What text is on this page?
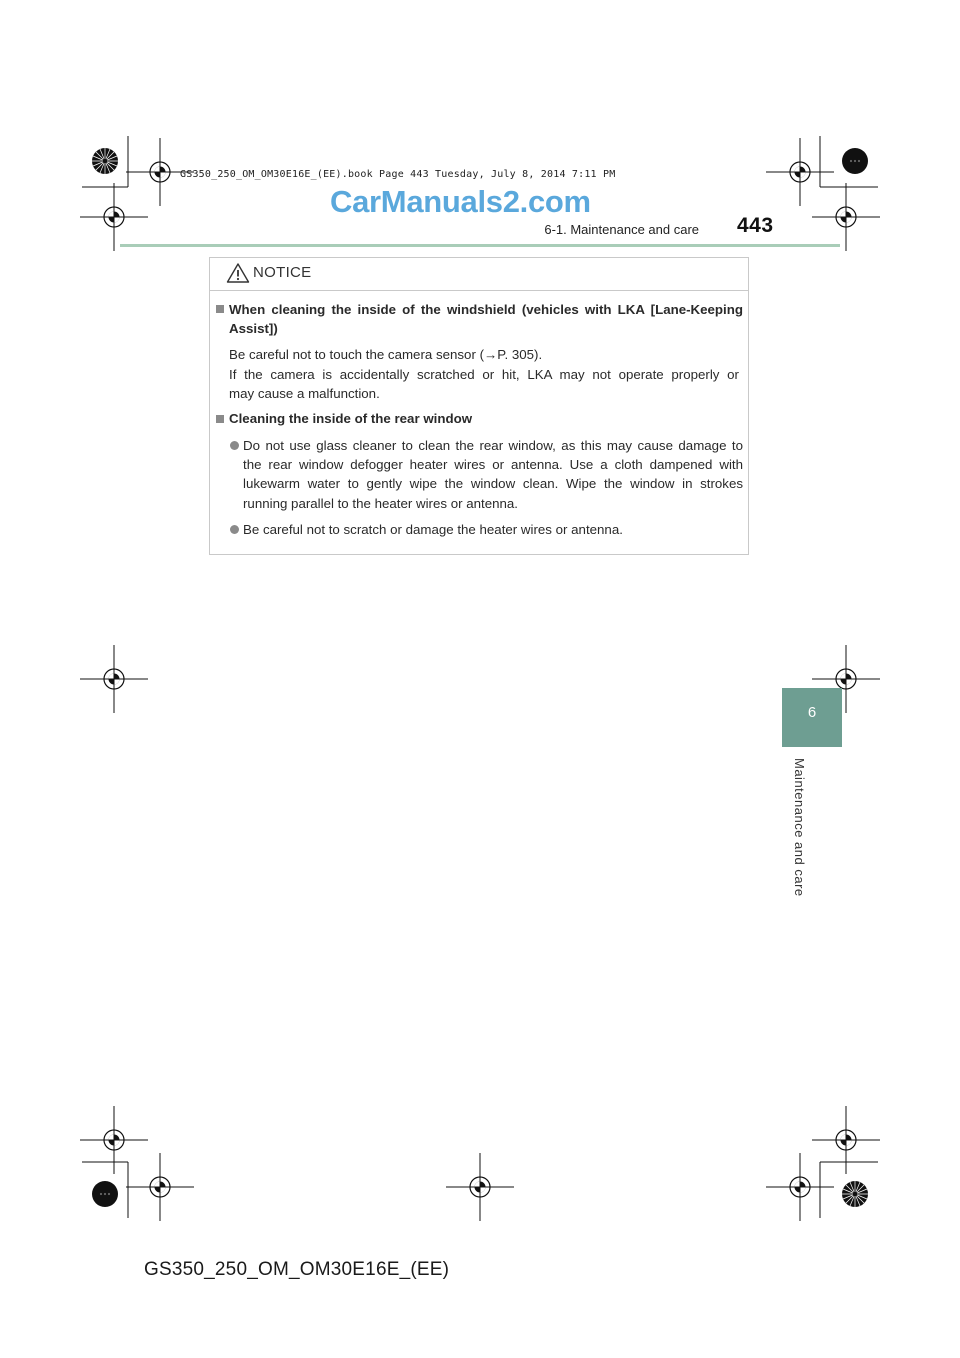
GS350_250_OM_OM30E16E_(EE).book Page 443 Tuesday, July 8, 2014 7:11 PM
CarManuals2.com
6-1. Maintenance and care 443
NOTICE
When cleaning the inside of the windshield (vehicles with LKA [Lane-Keeping
Assist])
Be careful not to touch the camera sensor (→P. 305).
If the camera is accidentally scratched or hit, LKA may not operate properly or
may cause a malfunction.
Cleaning the inside of the rear window
Do not use glass cleaner to clean the rear window, as this may cause damage to
the rear window defogger heater wires or antenna. Use a cloth dampened with
lukewarm water to gently wipe the window clean. Wipe the window in strokes
running parallel to the heater wires or antenna.
Be careful not to scratch or damage the heater wires or antenna.
6
Maintenance and care
GS350_250_OM_OM30E16E_(EE)
